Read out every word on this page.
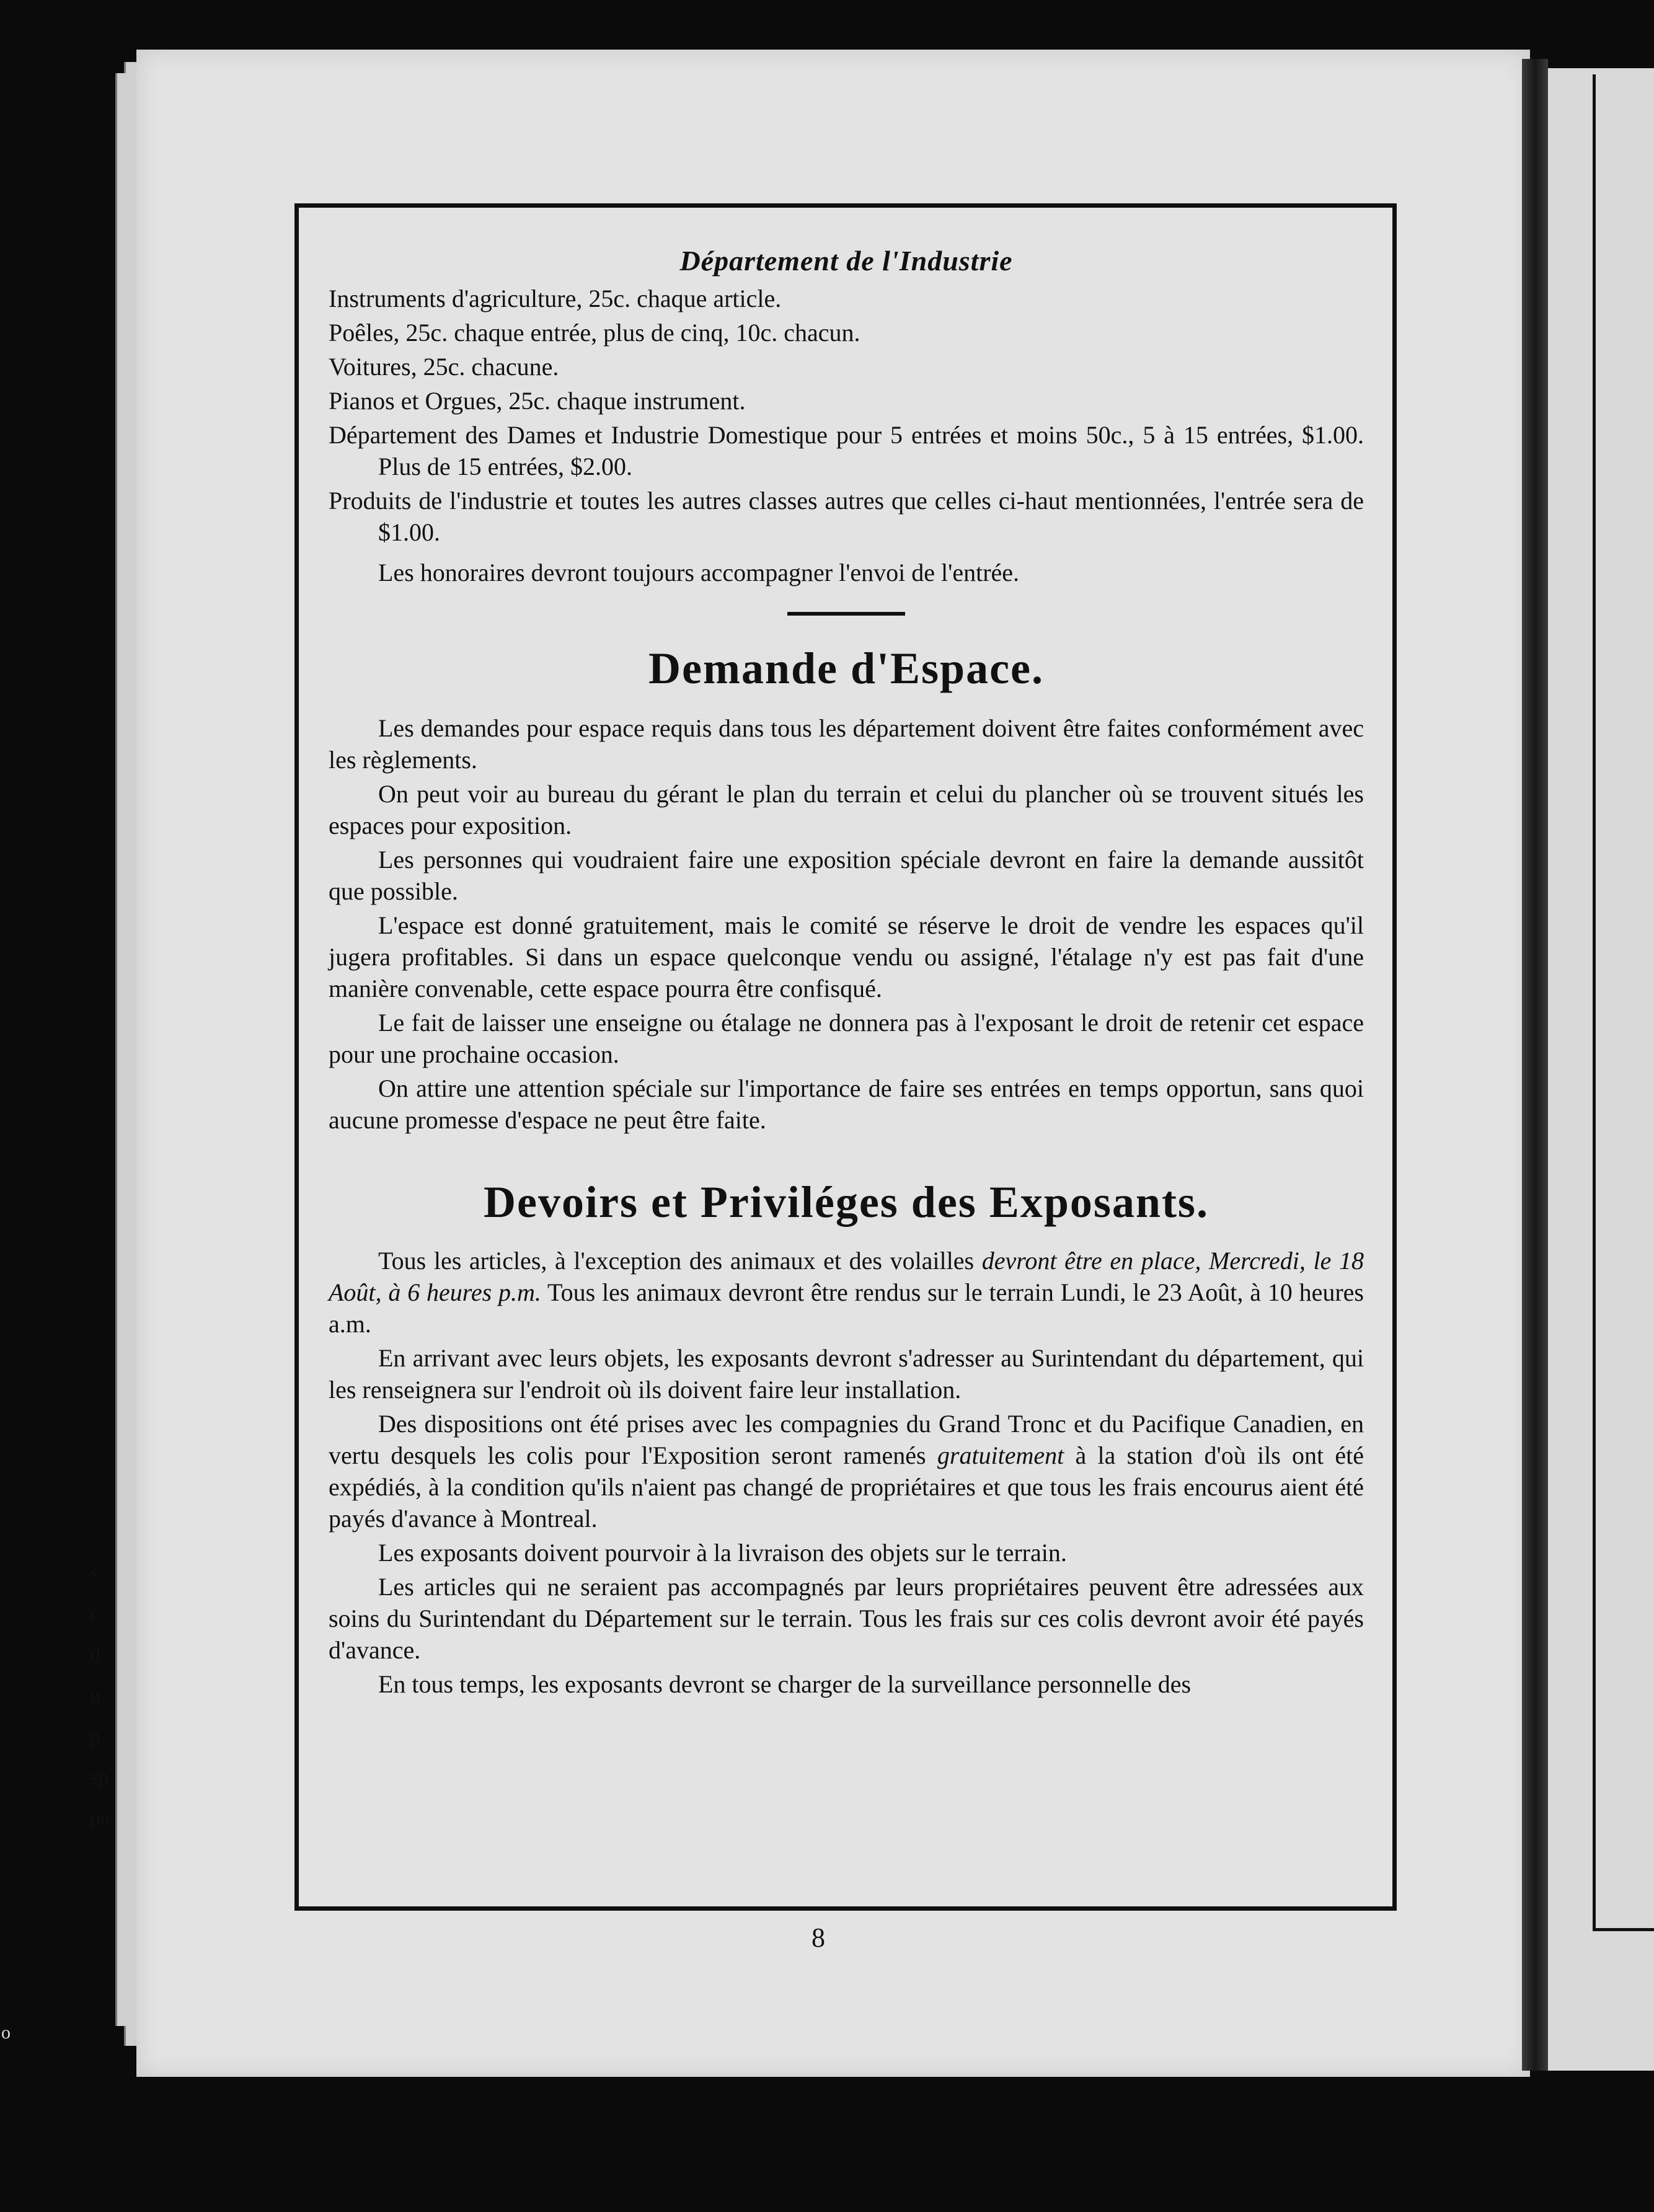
s
r
d
u
p
sp
pa
o
Département de l'Industrie
Instruments d'agriculture, 25c. chaque article.
Poêles, 25c. chaque entrée, plus de cinq, 10c. chacun.
Voitures, 25c. chacune.
Pianos et Orgues, 25c. chaque instrument.
Département des Dames et Industrie Domestique pour 5 entrées et moins 50c., 5 à 15 entrées, $1.00. Plus de 15 entrées, $2.00.
Produits de l'industrie et toutes les autres classes autres que celles ci-haut mentionnées, l'entrée sera de $1.00.
Les honoraires devront toujours accompagner l'envoi de l'entrée.
Demande d'Espace.
Les demandes pour espace requis dans tous les département doivent être faites conformément avec les règlements.
On peut voir au bureau du gérant le plan du terrain et celui du plancher où se trouvent situés les espaces pour exposition.
Les personnes qui voudraient faire une exposition spéciale devront en faire la demande aussitôt que possible.
L'espace est donné gratuitement, mais le comité se réserve le droit de vendre les espaces qu'il jugera profitables. Si dans un espace quelconque vendu ou assigné, l'étalage n'y est pas fait d'une manière convenable, cette espace pourra être confisqué.
Le fait de laisser une enseigne ou étalage ne donnera pas à l'exposant le droit de retenir cet espace pour une prochaine occasion.
On attire une attention spéciale sur l'importance de faire ses entrées en temps opportun, sans quoi aucune promesse d'espace ne peut être faite.
Devoirs et Priviléges des Exposants.
Tous les articles, à l'exception des animaux et des volailles devront être en place, Mercredi, le 18 Août, à 6 heures p.m. Tous les animaux devront être rendus sur le terrain Lundi, le 23 Août, à 10 heures a.m.
En arrivant avec leurs objets, les exposants devront s'adresser au Surintendant du département, qui les renseignera sur l'endroit où ils doivent faire leur installation.
Des dispositions ont été prises avec les compagnies du Grand Tronc et du Pacifique Canadien, en vertu desquels les colis pour l'Exposition seront ramenés gratuitement à la station d'où ils ont été expédiés, à la condition qu'ils n'aient pas changé de propriétaires et que tous les frais encourus aient été payés d'avance à Montreal.
Les exposants doivent pourvoir à la livraison des objets sur le terrain.
Les articles qui ne seraient pas accompagnés par leurs propriétaires peuvent être adressées aux soins du Surintendant du Département sur le terrain. Tous les frais sur ces colis devront avoir été payés d'avance.
En tous temps, les exposants devront se charger de la surveillance personnelle des
8
